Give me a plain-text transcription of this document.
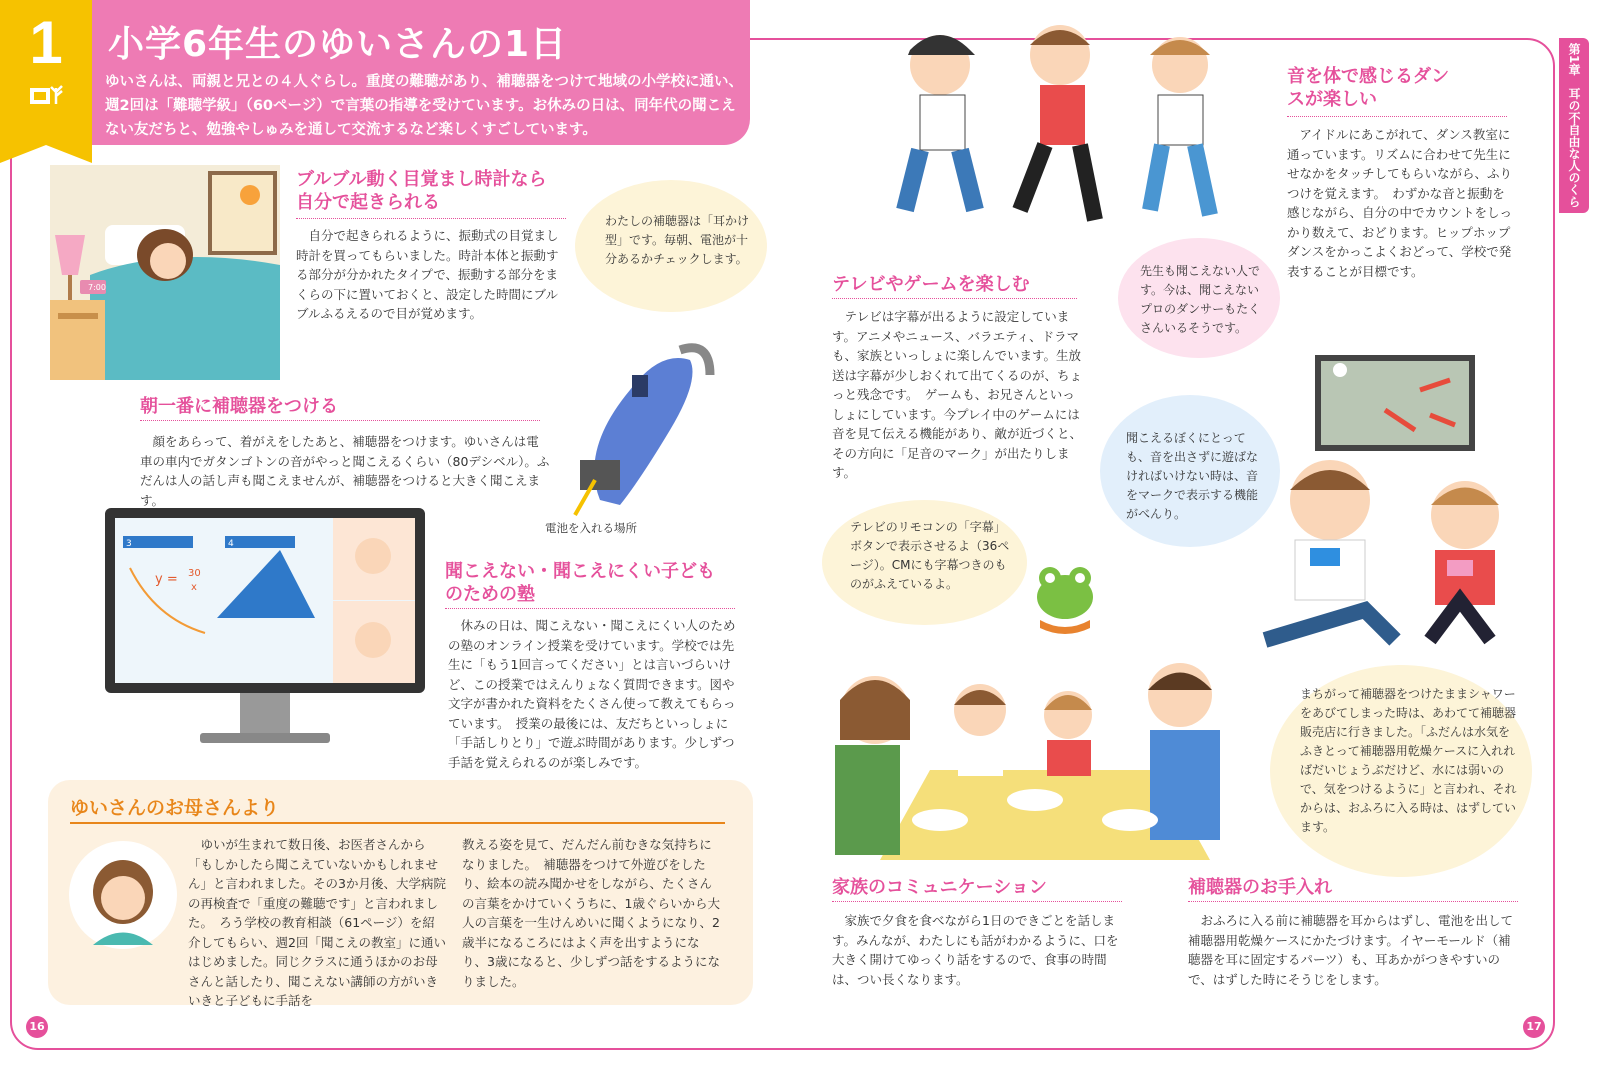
1	小学6年生のゆいさんの1日
ゆいさんは、両親と兄との４人ぐらし。重度の難聴があり、補聴器をつけて地域の小学校に通い、週2回は「難聴学級」（60ページ）で言葉の指導を受けています。お休みの日は、同年代の聞こえない友だちと、勉強やしゅみを通して交流するなど楽しくすごしています。	第1章　耳の不自由な人のくらし
7:00
ブルブル動く目覚まし時計なら自分で起きられる
自分で起きられるように、振動式の目覚まし時計を買ってもらいました。時計本体と振動する部分が分かれたタイプで、振動する部分をまくらの下に置いておくと、設定した時間にブルブルふるえるので目が覚めます。
わたしの補聴器は「耳かけ型」です。毎朝、電池が十分あるかチェックします。
電池を入れる場所
朝一番に補聴器をつける
顔をあらって、着がえをしたあと、補聴器をつけます。ゆいさんは電車の車内でガタンゴトンの音がやっと聞こえるくらい（80デシベル）。ふだんは人の話し声も聞こえませんが、補聴器をつけると大きく聞こえます。
3	4
y = 30
x
聞こえない・聞こえにくい子どものための塾
休みの日は、聞こえない・聞こえにくい人のための塾のオンライン授業を受けています。学校では先生に「もう1回言ってください」とは言いづらいけど、この授業ではえんりょなく質問できます。図や文字が書かれた資料をたくさん使って教えてもらっています。　授業の最後には、友だちといっしょに「手話しりとり」で遊ぶ時間があります。少しずつ手話を覚えられるのが楽しみです。
ゆいさんのお母さんより
ゆいが生まれて数日後、お医者さんから「もしかしたら聞こえていないかもしれません」と言われました。その3か月後、大学病院の再検査で「重度の難聴です」と言われました。　ろう学校の教育相談（61ページ）を紹介してもらい、週2回「聞こえの教室」に通いはじめました。同じクラスに通うほかのお母さんと話したり、聞こえない講師の方がいきいきと子どもに手話を
教える姿を見て、だんだん前むきな気持ちになりました。　補聴器をつけて外遊びをしたり、絵本の読み聞かせをしながら、たくさんの言葉をかけていくうちに、1歳ぐらいから大人の言葉を一生けんめいに聞くようになり、2歳半になるころにはよく声を出すようになり、3歳になると、少しずつ話をするようになりました。
16
音を体で感じるダンスが楽しい
アイドルにあこがれて、ダンス教室に通っています。リズムに合わせて先生にせなかをタッチしてもらいながら、ふりつけを覚えます。　わずかな音と振動を感じながら、自分の中でカウントをしっかり数えて、おどります。ヒップホップダンスをかっこよくおどって、学校で発表することが目標です。
先生も聞こえない人です。今は、聞こえないプロのダンサーもたくさんいるそうです。
テレビやゲームを楽しむ
テレビは字幕が出るように設定しています。アニメやニュース、バラエティ、ドラマも、家族といっしょに楽しんでいます。生放送は字幕が少しおくれて出てくるのが、ちょっと残念です。　ゲームも、お兄さんといっしょにしています。今プレイ中のゲームには音を見て伝える機能があり、敵が近づくと、その方向に「足音のマーク」が出たりします。
聞こえるぼくにとっても、音を出さずに遊ばなければいけない時は、音をマークで表示する機能がべんり。
テレビのリモコンの「字幕」ボタンで表示させるよ（36ページ）。CMにも字幕つきのものがふえているよ。
まちがって補聴器をつけたままシャワーをあびてしまった時は、あわてて補聴器販売店に行きました。「ふだんは水気をふきとって補聴器用乾燥ケースに入れればだいじょうぶだけど、水には弱いので、気をつけるように」と言われ、それからは、おふろに入る時は、はずしています。
家族のコミュニケーション
家族で夕食を食べながら1日のできごとを話します。みんなが、わたしにも話がわかるように、口を大きく開けてゆっくり話をするので、食事の時間は、つい長くなります。
補聴器のお手入れ
おふろに入る前に補聴器を耳からはずし、電池を出して補聴器用乾燥ケースにかたづけます。イヤーモールド（補聴器を耳に固定するパーツ）も、耳あかがつきやすいので、はずした時にそうじをします。
17
